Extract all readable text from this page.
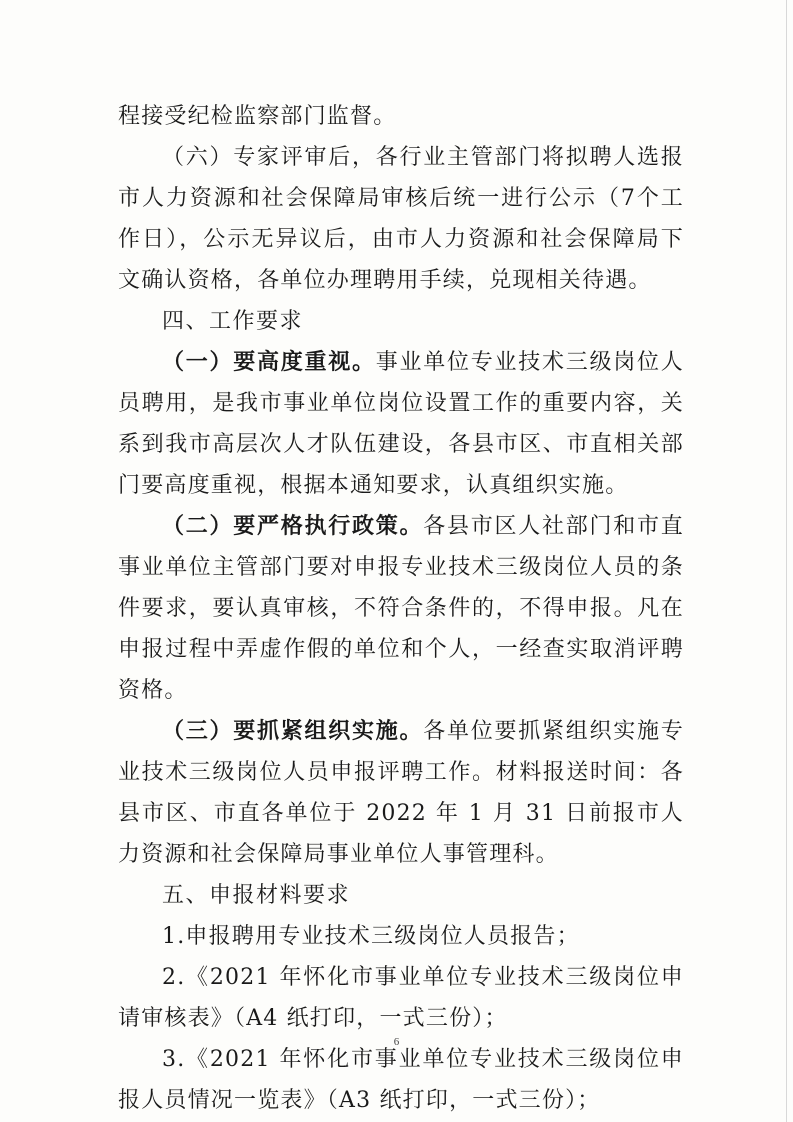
程接受纪检监察部门监督。

（六）专家评审后，各行业主管部门将拟聘人选报市人力资源和社会保障局审核后统一进行公示（7个工作日），公示无异议后，由市人力资源和社会保障局下文确认资格，各单位办理聘用手续，兑现相关待遇。

四、工作要求

（一）要高度重视。事业单位专业技术三级岗位人员聘用，是我市事业单位岗位设置工作的重要内容，关系到我市高层次人才队伍建设，各县市区、市直相关部门要高度重视，根据本通知要求，认真组织实施。

（二）要严格执行政策。各县市区人社部门和市直事业单位主管部门要对申报专业技术三级岗位人员的条件要求，要认真审核，不符合条件的，不得申报。凡在申报过程中弄虚作假的单位和个人，一经查实取消评聘资格。

（三）要抓紧组织实施。各单位要抓紧组织实施专业技术三级岗位人员申报评聘工作。材料报送时间：各县市区、市直各单位于 2022 年 1 月 31 日前报市人力资源和社会保障局事业单位人事管理科。

五、申报材料要求

1.申报聘用专业技术三级岗位人员报告；

2.《2021 年怀化市事业单位专业技术三级岗位申请审核表》（A4 纸打印，一式三份）；

3.《2021 年怀化市事业单位专业技术三级岗位申报人员情况一览表》（A3 纸打印，一式三份）；

6
